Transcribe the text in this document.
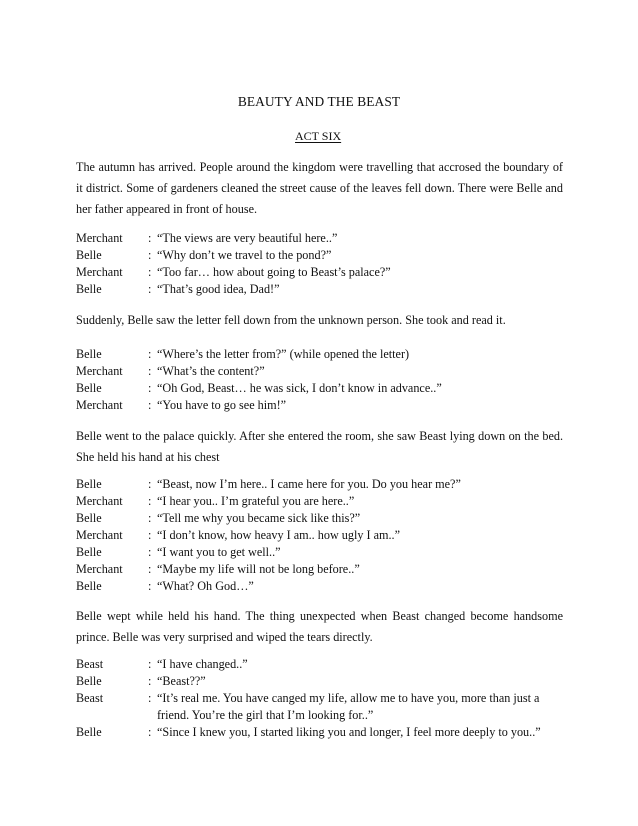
BEAUTY AND THE BEAST
ACT SIX

The autumn has arrived. People around the kingdom were travelling that accrosed the boundary of it district. Some of gardeners cleaned the street cause of the leaves fell down. There were Belle and her father appeared in front of house.

Merchant : “The views are very beautiful here..”
Belle	: “Why don’t we travel to the pond?”
Merchant : “Too far… how about going to Beast’s palace?”
Belle	: “That’s good idea, Dad!”

Suddenly, Belle saw the letter fell down from the unknown person. She took and read it.

Belle	: “Where’s the letter from?” (while opened the letter)
Merchant : “What’s the content?”
Belle	: “Oh God, Beast… he was sick, I don’t know in advance..”
Merchant : “You have to go see him!”

Belle went to the palace quickly. After she entered the room, she saw Beast lying down on the bed. She held his hand at his chest

Belle	: “Beast, now I’m here.. I came here for you. Do you hear me?”
Merchant : “I hear you.. I’m grateful you are here..”
Belle	: “Tell me why you became sick like this?”
Merchant : “I don’t know, how heavy I am.. how ugly I am..”
Belle	: “I want you to get well..”
Merchant : “Maybe my life will not be long before..”
Belle	: “What? Oh God…”

Belle wept while held his hand. The thing unexpected when Beast changed become handsome prince. Belle was very surprised and wiped the tears directly.

Beast	: “I have changed..”
Belle	: “Beast??”
Beast	: “It’s real me. You have canged my life, allow me to have you, more than just a friend. You’re the girl that I’m looking for..”
Belle	: “Since I knew you, I started liking you and longer, I feel more deeply to you..”
